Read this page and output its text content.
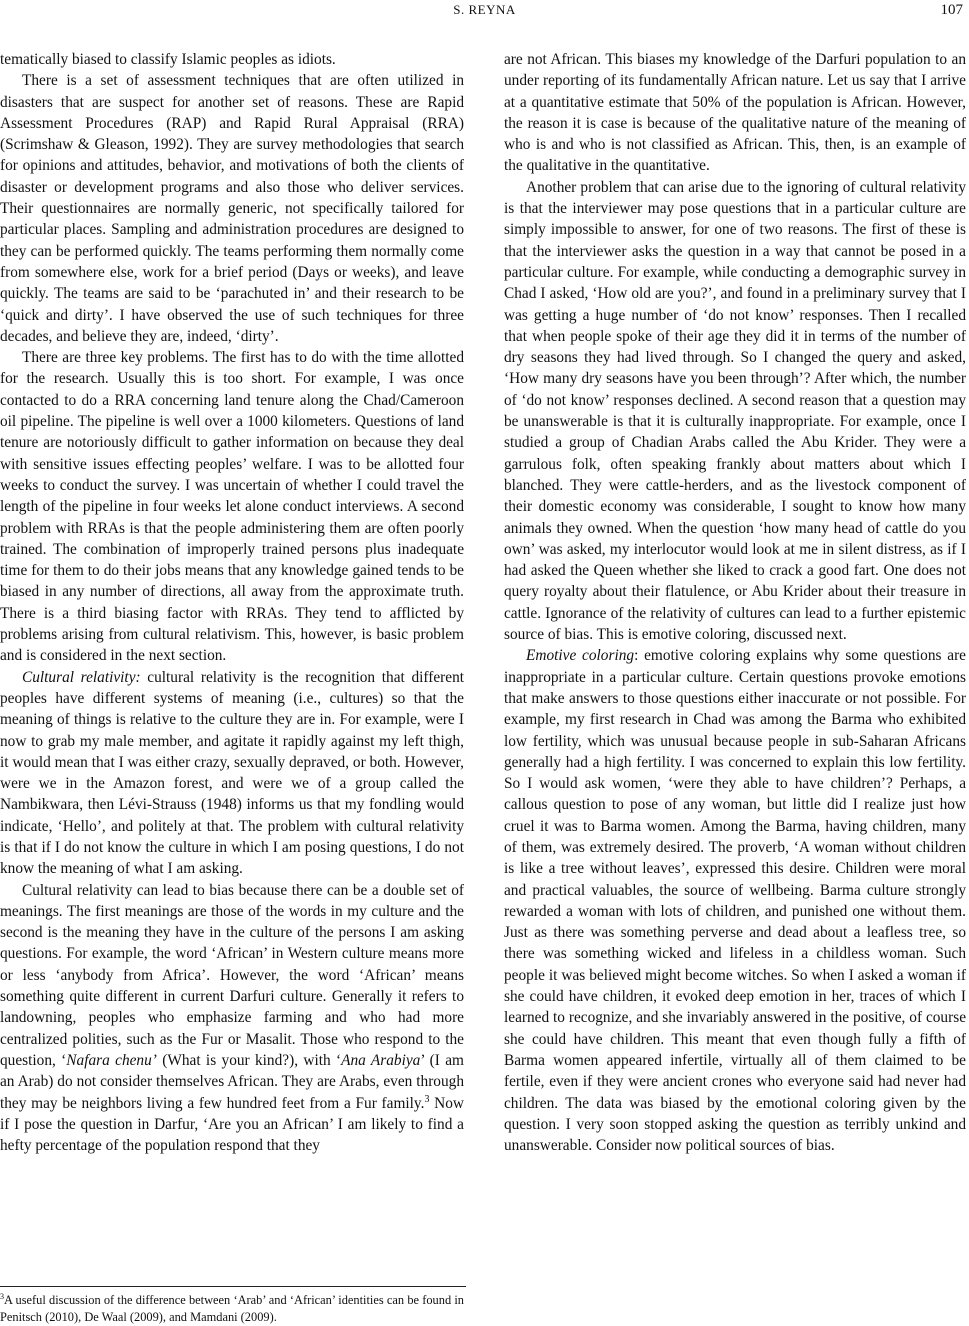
S. REYNA	107

tematically biased to classify Islamic peoples as idiots.

There is a set of assessment techniques that are often utilized in disasters that are suspect for another set of reasons. These are Rapid Assessment Procedures (RAP) and Rapid Rural Appraisal (RRA) (Scrimshaw & Gleason, 1992). They are survey methodologies that search for opinions and attitudes, behavior, and motivations of both the clients of disaster or development programs and also those who deliver services. Their questionnaires are normally generic, not specifically tailored for particular places. Sampling and administration procedures are designed to they can be performed quickly. The teams performing them normally come from somewhere else, work for a brief period (Days or weeks), and leave quickly. The teams are said to be ‘parachuted in’ and their research to be ‘quick and dirty’. I have observed the use of such techniques for three decades, and believe they are, indeed, ‘dirty’.

There are three key problems. The first has to do with the time allotted for the research. Usually this is too short. For example, I was once contacted to do a RRA concerning land tenure along the Chad/Cameroon oil pipeline. The pipeline is well over a 1000 kilometers. Questions of land tenure are notoriously difficult to gather information on because they deal with sensitive issues effecting peoples’ welfare. I was to be allotted four weeks to conduct the survey. I was uncertain of whether I could travel the length of the pipeline in four weeks let alone conduct interviews. A second problem with RRAs is that the people administering them are often poorly trained. The combination of improperly trained persons plus inadequate time for them to do their jobs means that any knowledge gained tends to be biased in any number of directions, all away from the approximate truth. There is a third biasing factor with RRAs. They tend to afflicted by problems arising from cultural relativism. This, however, is basic problem and is considered in the next section.

Cultural relativity: cultural relativity is the recognition that different peoples have different systems of meaning (i.e., cultures) so that the meaning of things is relative to the culture they are in. For example, were I now to grab my male member, and agitate it rapidly against my left thigh, it would mean that I was either crazy, sexually depraved, or both. However, were we in the Amazon forest, and were we of a group called the Nambikwara, then Lévi-Strauss (1948) informs us that my fondling would indicate, ‘Hello’, and politely at that. The problem with cultural relativity is that if I do not know the culture in which I am posing questions, I do not know the meaning of what I am asking.

Cultural relativity can lead to bias because there can be a double set of meanings. The first meanings are those of the words in my culture and the second is the meaning they have in the culture of the persons I am asking questions. For example, the word ‘African’ in Western culture means more or less ‘anybody from Africa’. However, the word ‘African’ means something quite different in current Darfuri culture. Generally it refers to landowning, peoples who emphasize farming and who had more centralized polities, such as the Fur or Masalit. Those who respond to the question, ‘Nafara chenu’ (What is your kind?), with ‘Ana Arabiya’ (I am an Arab) do not consider themselves African. They are Arabs, even through they may be neighbors living a few hundred feet from a Fur family.$^3$ Now if I pose the question in Darfur, ‘Are you an African’ I am likely to find a hefty percentage of the population respond that they

are not African. This biases my knowledge of the Darfuri population to an under reporting of its fundamentally African nature. Let us say that I arrive at a quantitative estimate that 50% of the population is African. However, the reason it is case is because of the qualitative nature of the meaning of who is and who is not classified as African. This, then, is an example of the qualitative in the quantitative.

Another problem that can arise due to the ignoring of cultural relativity is that the interviewer may pose questions that in a particular culture are simply impossible to answer, for one of two reasons. The first of these is that the interviewer asks the question in a way that cannot be posed in a particular culture. For example, while conducting a demographic survey in Chad I asked, ‘How old are you?’, and found in a preliminary survey that I was getting a huge number of ‘do not know’ responses. Then I recalled that when people spoke of their age they did it in terms of the number of dry seasons they had lived through. So I changed the query and asked, ‘How many dry seasons have you been through’? After which, the number of ‘do not know’ responses declined. A second reason that a question may be unanswerable is that it is culturally inappropriate. For example, once I studied a group of Chadian Arabs called the Abu Krider. They were a garrulous folk, often speaking frankly about matters about which I blanched. They were cattle-herders, and as the livestock component of their domestic economy was considerable, I sought to know how many animals they owned. When the question ‘how many head of cattle do you own’ was asked, my interlocutor would look at me in silent distress, as if I had asked the Queen whether she liked to crack a good fart. One does not query royalty about their flatulence, or Abu Krider about their treasure in cattle. Ignorance of the relativity of cultures can lead to a further epistemic source of bias. This is emotive coloring, discussed next.

Emotive coloring: emotive coloring explains why some questions are inappropriate in a particular culture. Certain questions provoke emotions that make answers to those questions either inaccurate or not possible. For example, my first research in Chad was among the Barma who exhibited low fertility, which was unusual because people in sub-Saharan Africans generally had a high fertility. I was concerned to explain this low fertility. So I would ask women, ‘were they able to have children’? Perhaps, a callous question to pose of any woman, but little did I realize just how cruel it was to Barma women. Among the Barma, having children, many of them, was extremely desired. The proverb, ‘A woman without children is like a tree without leaves’, expressed this desire. Children were moral and practical valuables, the source of wellbeing. Barma culture strongly rewarded a woman with lots of children, and punished one without them. Just as there was something perverse and dead about a leafless tree, so there was something wicked and lifeless in a childless woman. Such people it was believed might become witches. So when I asked a woman if she could have children, it evoked deep emotion in her, traces of which I learned to recognize, and she invariably answered in the positive, of course she could have children. This meant that even though fully a fifth of Barma women appeared infertile, virtually all of them claimed to be fertile, even if they were ancient crones who everyone said had never had children. The data was biased by the emotional coloring given by the question. I very soon stopped asking the question as terribly unkind and unanswerable. Consider now political sources of bias.

$^3$A useful discussion of the difference between ‘Arab’ and ‘African’ identities can be found in Penitsch (2010), De Waal (2009), and Mamdani (2009).
